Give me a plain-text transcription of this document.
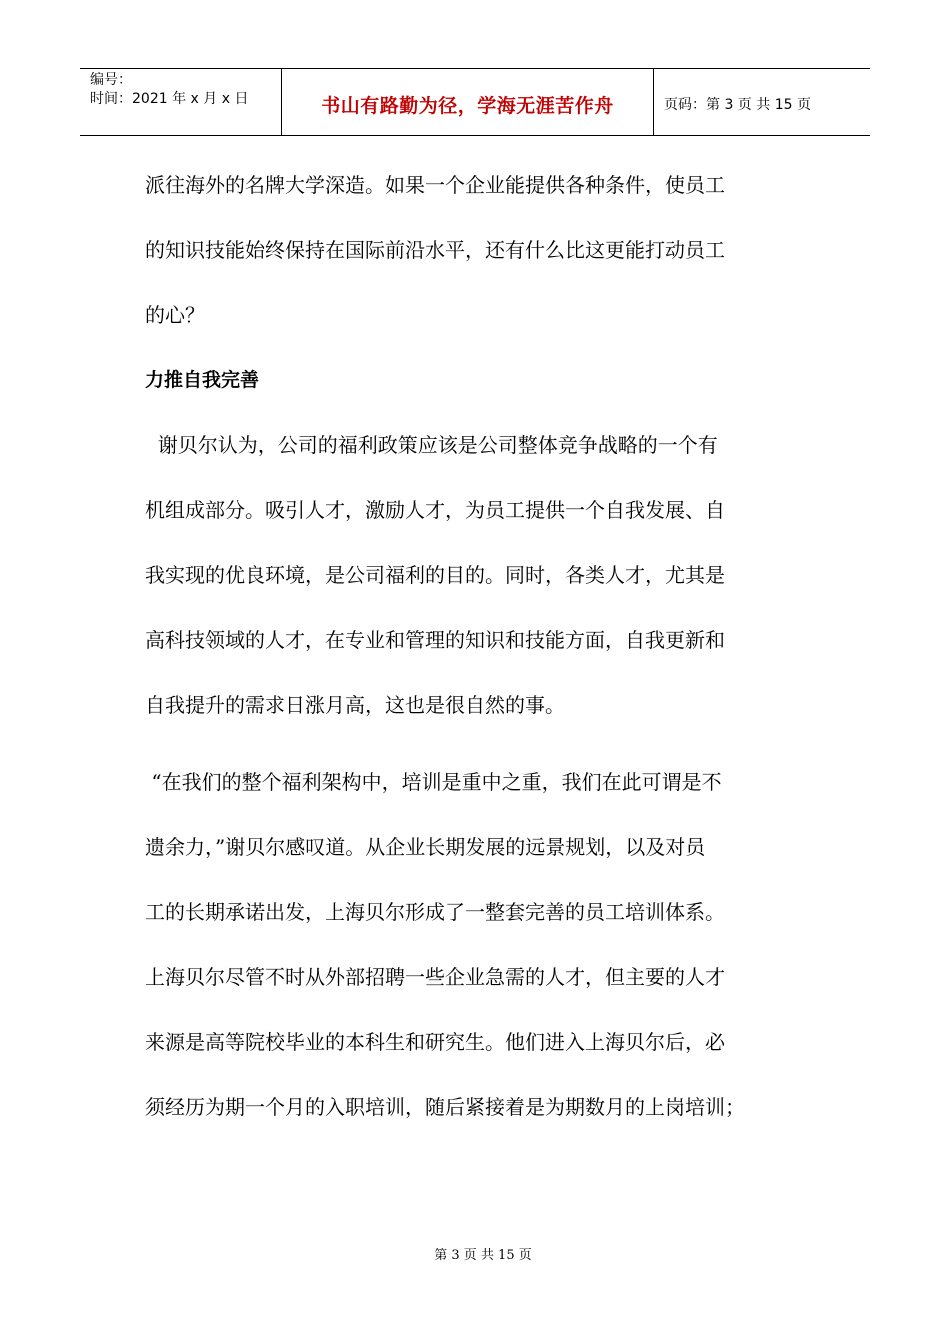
编号：
时间：2021 年 x 月 x 日	书山有路勤为径，学海无涯苦作舟	页码：第 3 页 共 15 页
派往海外的名牌大学深造。如果一个企业能提供各种条件，使员工
的知识技能始终保持在国际前沿水平，还有什么比这更能打动员工
的心？
力推自我完善
谢贝尔认为，公司的福利政策应该是公司整体竞争战略的一个有
机组成部分。吸引人才，激励人才，为员工提供一个自我发展、自
我实现的优良环境，是公司福利的目的。同时，各类人才，尤其是
高科技领域的人才，在专业和管理的知识和技能方面，自我更新和
自我提升的需求日涨月高，这也是很自然的事。
“在我们的整个福利架构中，培训是重中之重，我们在此可谓是不
遗余力，”谢贝尔感叹道。从企业长期发展的远景规划，以及对员
工的长期承诺出发，上海贝尔形成了一整套完善的员工培训体系。
上海贝尔尽管不时从外部招聘一些企业急需的人才，但主要的人才
来源是高等院校毕业的本科生和研究生。他们进入上海贝尔后，必
须经历为期一个月的入职培训，随后紧接着是为期数月的上岗培训；
第 3 页 共 15 页
